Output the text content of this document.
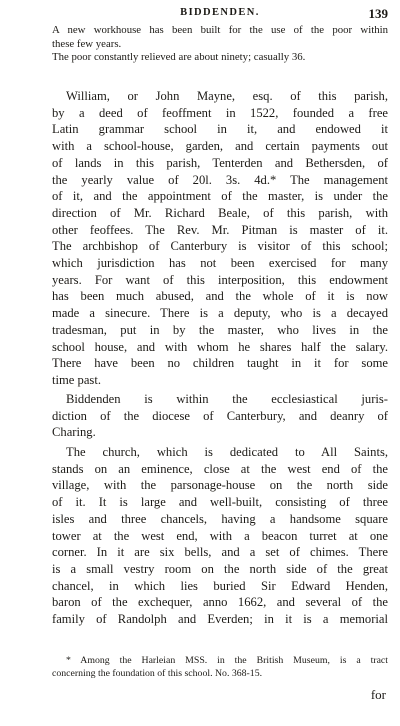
BIDDENDEN.	139
A new workhouse has been built for the use of the poor within
these few years.
The poor constantly relieved are about ninety; casually 36.
William, or John Mayne, esq. of this parish,
by a deed of feoffment in 1522, founded a free
Latin grammar school in it, and endowed it
with a school-house, garden, and certain payments out
of lands in this parish, Tenterden and Bethersden, of
the yearly value of 20l. 3s. 4d.* The management
of it, and the appointment of the master, is under the
direction of Mr. Richard Beale, of this parish, with
other feoffees. The Rev. Mr. Pitman is master of it.
The archbishop of Canterbury is visitor of this school;
which jurisdiction has not been exercised for many
years. For want of this interposition, this endowment
has been much abused, and the whole of it is now
made a sinecure. There is a deputy, who is a decayed
tradesman, put in by the master, who lives in the
school house, and with whom he shares half the salary.
There have been no children taught in it for some
time past.
Biddenden is within the ecclesiastical juris-
diction of the diocese of Canterbury, and deanry of
Charing.
The church, which is dedicated to All Saints,
stands on an eminence, close at the west end of the
village, with the parsonage-house on the north side
of it. It is large and well-built, consisting of three
isles and three chancels, having a handsome square
tower at the west end, with a beacon turret at one
corner. In it are six bells, and a set of chimes. There
is a small vestry room on the north side of the great
chancel, in which lies buried Sir Edward Henden,
baron of the exchequer, anno 1662, and several of the
family of Randolph and Everden; in it is a memorial
* Among the Harleian MSS. in the British Museum, is a tract
concerning the foundation of this school. No. 368-15.
for
